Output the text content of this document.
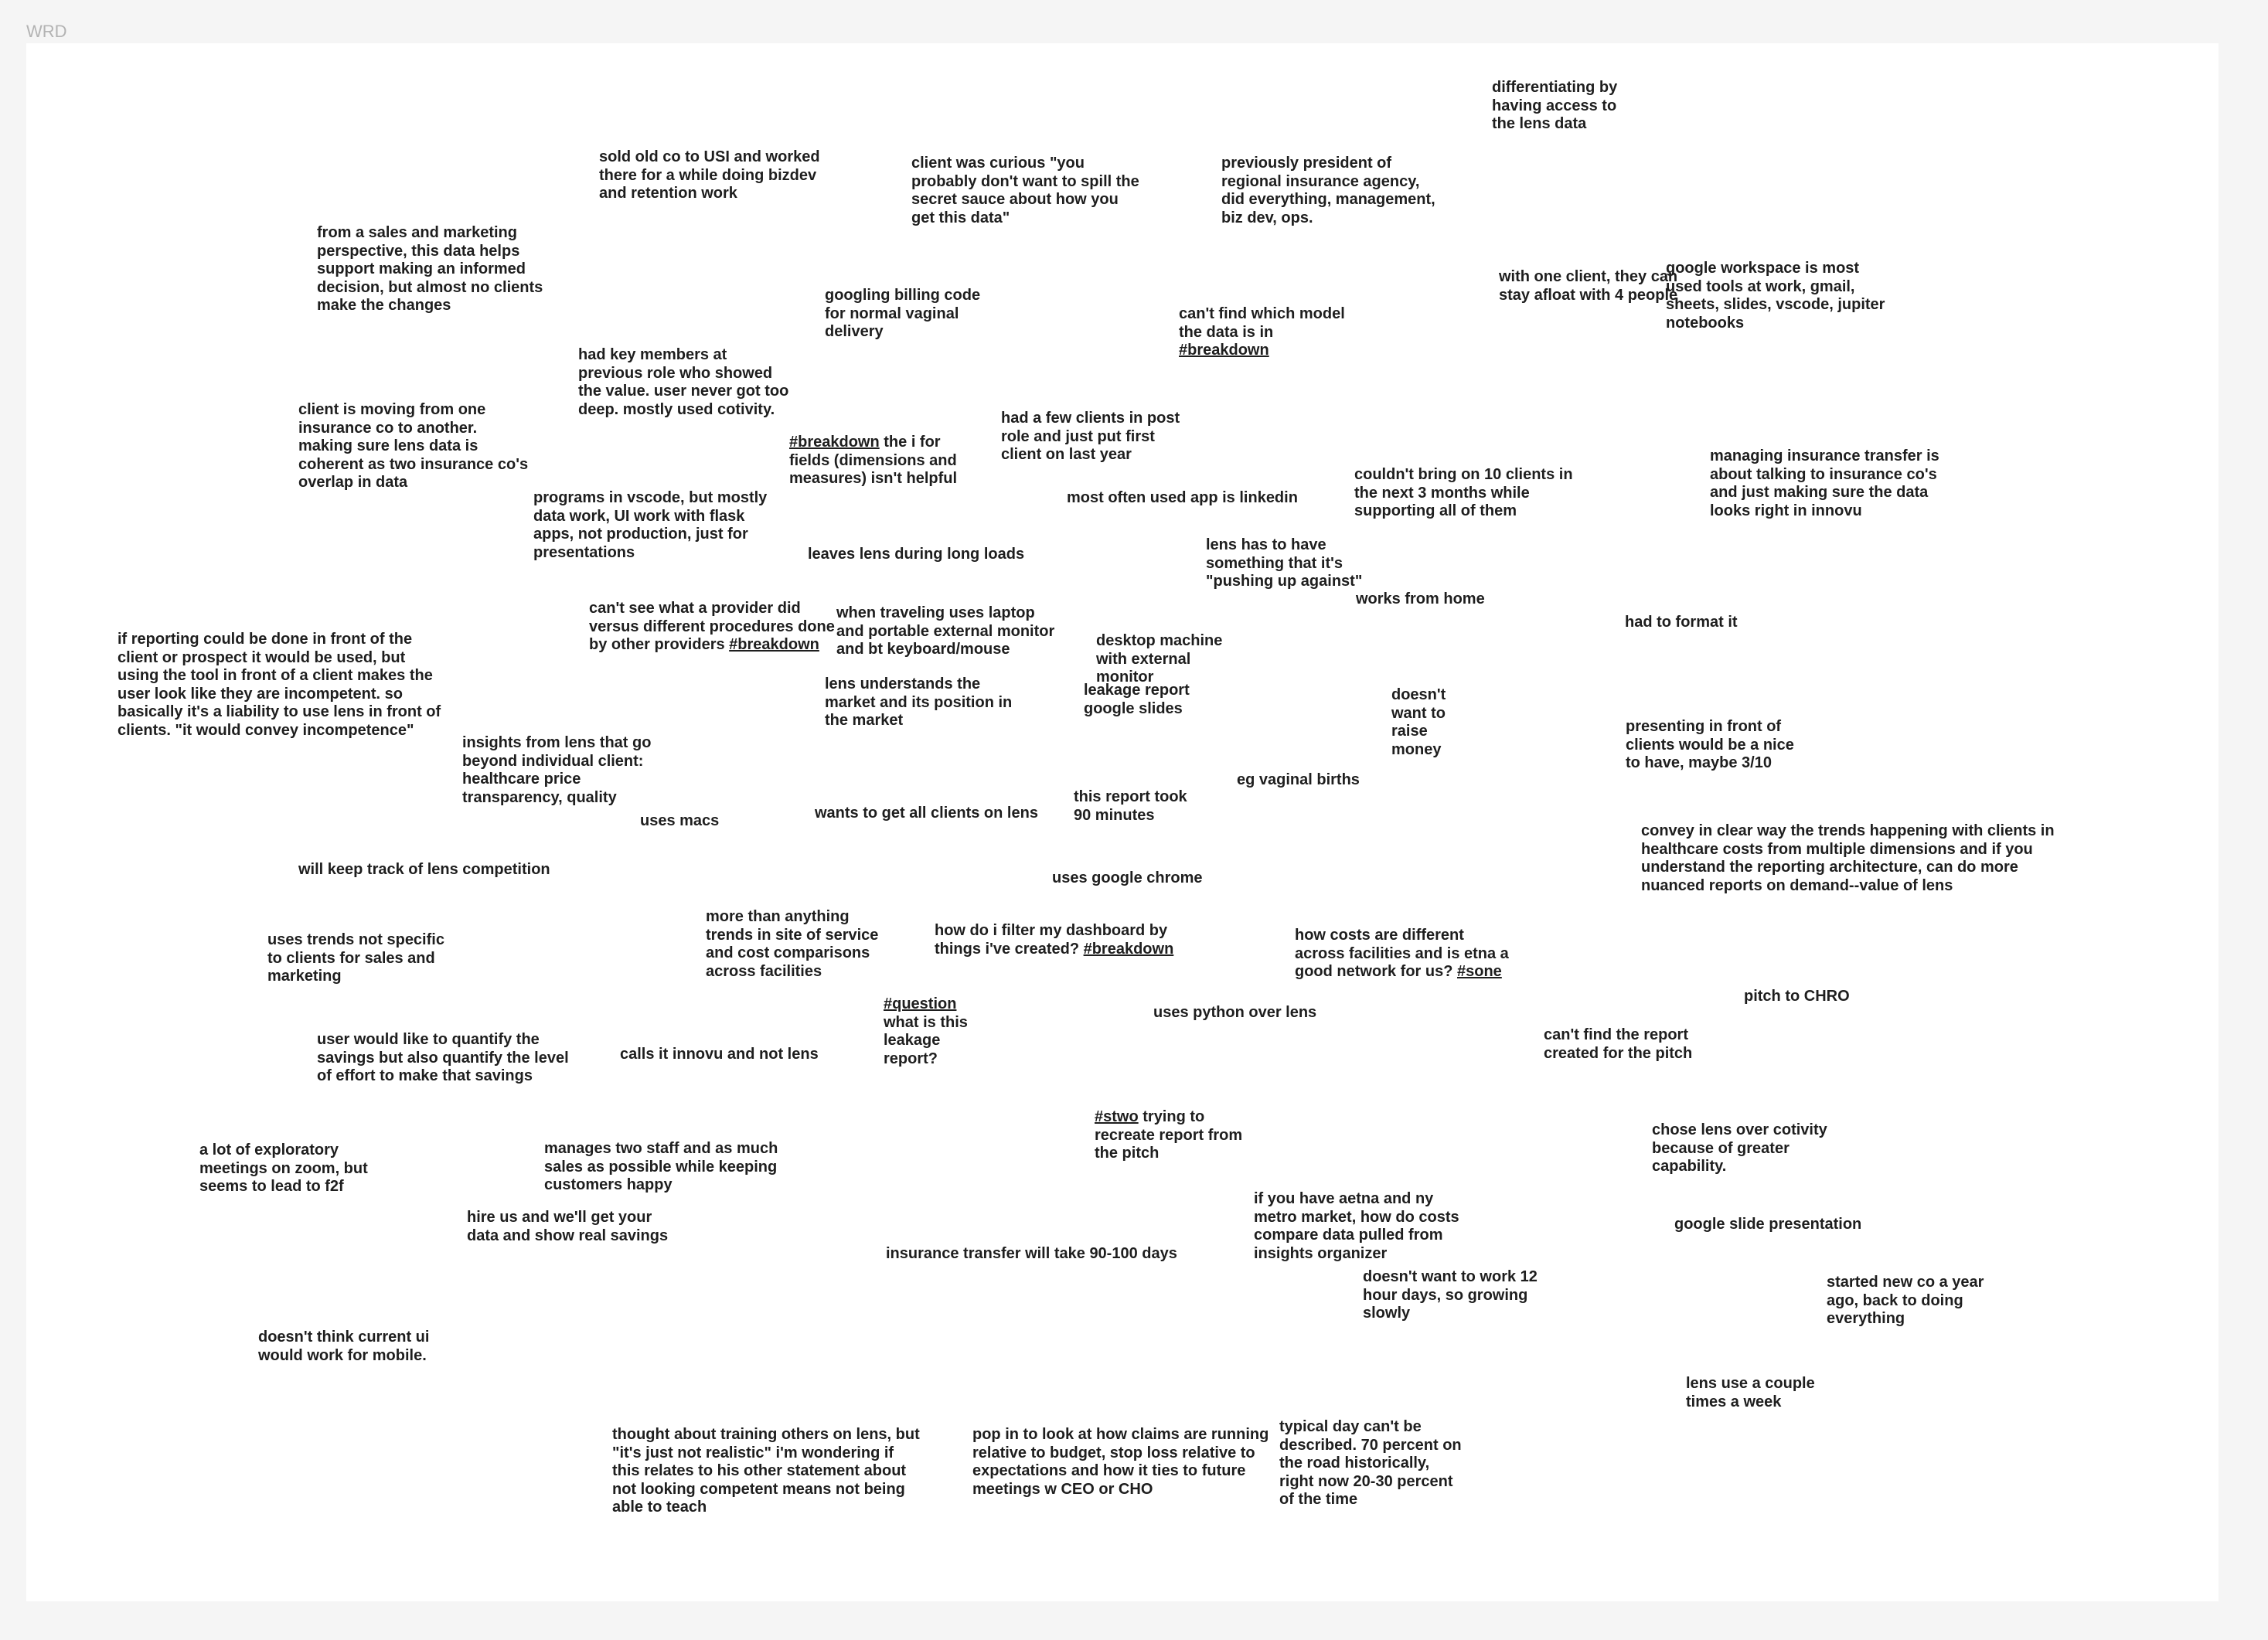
WRD
differentiating by
having access to
the lens data
sold old co to USI and worked
there for a while doing bizdev
and retention work
client was curious "you
probably don't want to spill the
secret sauce about how you
get this data"
previously president of
regional insurance agency,
did everything, management,
biz dev, ops.
from a sales and marketing
perspective, this data helps
support making an informed
decision, but almost no clients
make the changes
with one client, they can
stay afloat with 4 people
google workspace is most
used tools at work, gmail,
sheets, slides, vscode, jupiter
notebooks
googling billing code
for normal vaginal
delivery
can't find which model
the data is in
#breakdown
had key members at
previous role who showed
the value. user never got too
deep. mostly used cotivity.
client is moving from one
insurance co to another.
making sure lens data is
coherent as two insurance co's
overlap in data
had a few clients in post
role and just put first
client on last year
#breakdown the i for
fields (dimensions and
measures) isn't helpful
managing insurance transfer is
about talking to insurance co's
and just making sure the data
looks right in innovu
couldn't bring on 10 clients in
the next 3 months while
supporting all of them
most often used app is linkedin
programs in vscode, but mostly
data work, UI work with flask
apps, not production, just for
presentations	lens has to have
something that it's
"pushing up against"
leaves lens during long loads
works from home
can't see what a provider did
versus different procedures done
by other providers #breakdown
when traveling uses laptop
and portable external monitor
and bt keyboard/mouse
had to format it
if reporting could be done in front of the
client or prospect it would be used, but
using the tool in front of a client makes the
user look like they are incompetent. so
basically it's a liability to use lens in front of
clients. "it would convey incompetence"
desktop machine
with external
monitor
leakage report
google slides
lens understands the
market and its position in
the market
doesn't
want to
raise
money
presenting in front of
clients would be a nice
to have, maybe 3/10
insights from lens that go
beyond individual client:
healthcare price
transparency, quality
eg vaginal births
this report took
90 minutes
uses macs	wants to get all clients on lens
convey in clear way the trends happening with clients in
healthcare costs from multiple dimensions and if you
understand the reporting architecture, can do more
nuanced reports on demand--value of lens
will keep track of lens competition	uses google chrome
more than anything
trends in site of service
and cost comparisons
across facilities
how do i filter my dashboard by
things i've created? #breakdown
how costs are different
across facilities and is etna a
good network for us? #sone
uses trends not specific
to clients for sales and
marketing
pitch to CHRO
#question
what is this
leakage
report?
uses python over lens
user would like to quantify the
savings but also quantify the level
of effort to make that savings
calls it innovu and not lens
can't find the report
created for the pitch
#stwo trying to
recreate report from
the pitch
chose lens over cotivity
because of greater
capability.
a lot of exploratory
meetings on zoom, but
seems to lead to f2f
manages two staff and as much
sales as possible while keeping
customers happy
if you have aetna and ny
metro market, how do costs
compare data pulled from
insights organizer
hire us and we'll get your
data and show real savings
google slide presentation
insurance transfer will take 90-100 days
doesn't want to work 12
hour days, so growing
slowly
started new co a year
ago, back to doing
everything
doesn't think current ui
would work for mobile.
lens use a couple
times a week
thought about training others on lens, but
"it's just not realistic" i'm wondering if
this relates to his other statement about
not looking competent means not being
able to teach
pop in to look at how claims are running
relative to budget, stop loss relative to
expectations and how it ties to future
meetings w CEO or CHO
typical day can't be
described. 70 percent on
the road historically,
right now 20-30 percent
of the time
